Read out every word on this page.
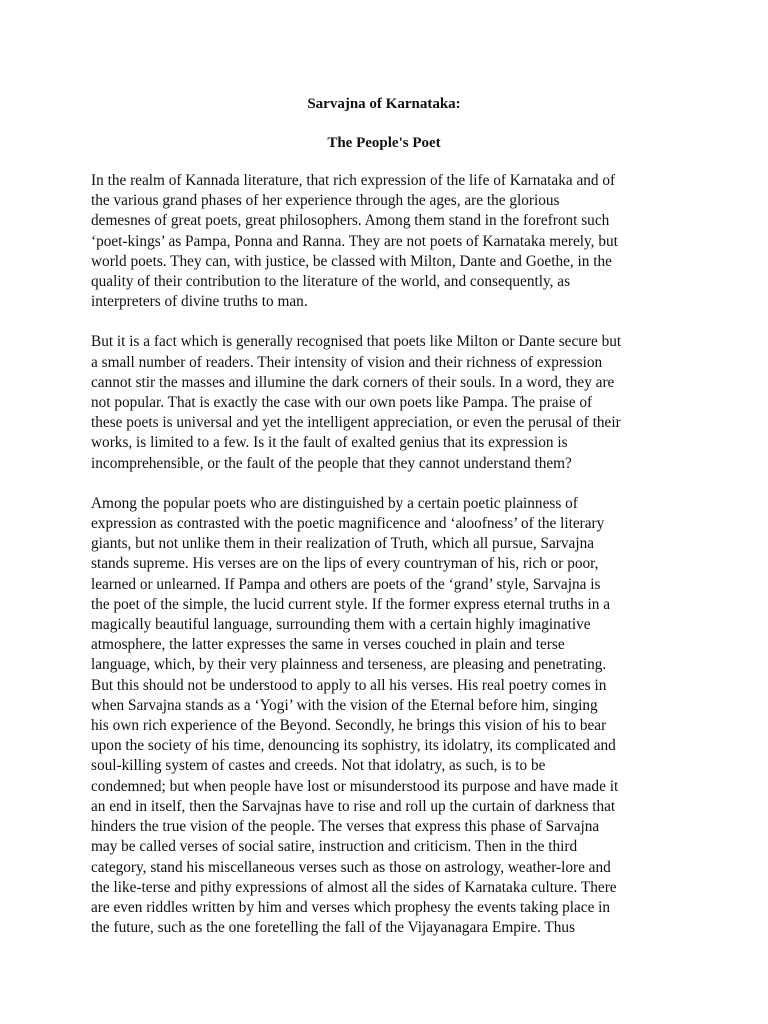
Sarvajna of Karnataka:
The People's Poet

In the realm of Kannada literature, that rich expression of the life of Karnataka and of
the various grand phases of her experience through the ages, are the glorious
demesnes of great poets, great philosophers. Among them stand in the forefront such
‘poet-kings’ as Pampa, Ponna and Ranna. They are not poets of Karnataka merely, but
world poets. They can, with justice, be classed with Milton, Dante and Goethe, in the
quality of their contribution to the literature of the world, and consequently, as
interpreters of divine truths to man.

But it is a fact which is generally recognised that poets like Milton or Dante secure but
a small number of readers. Their intensity of vision and their richness of expression
cannot stir the masses and illumine the dark corners of their souls. In a word, they are
not popular. That is exactly the case with our own poets like Pampa. The praise of
these poets is universal and yet the intelligent appreciation, or even the perusal of their
works, is limited to a few. Is it the fault of exalted genius that its expression is
incomprehensible, or the fault of the people that they cannot understand them?

Among the popular poets who are distinguished by a certain poetic plainness of
expression as contrasted with the poetic magnificence and ‘aloofness’ of the literary
giants, but not unlike them in their realization of Truth, which all pursue, Sarvajna
stands supreme. His verses are on the lips of every countryman of his, rich or poor,
learned or unlearned. If Pampa and others are poets of the ‘grand’ style, Sarvajna is
the poet of the simple, the lucid current style. If the former express eternal truths in a
magically beautiful language, surrounding them with a certain highly imaginative
atmosphere, the latter expresses the same in verses couched in plain and terse
language, which, by their very plainness and terseness, are pleasing and penetrating.
But this should not be understood to apply to all his verses. His real poetry comes in
when Sarvajna stands as a ‘Yogi’ with the vision of the Eternal before him, singing
his own rich experience of the Beyond. Secondly, he brings this vision of his to bear
upon the society of his time, denouncing its sophistry, its idolatry, its complicated and
soul-killing system of castes and creeds. Not that idolatry, as such, is to be
condemned; but when people have lost or misunderstood its purpose and have made it
an end in itself, then the Sarvajnas have to rise and roll up the curtain of darkness that
hinders the true vision of the people. The verses that express this phase of Sarvajna
may be called verses of social satire, instruction and criticism. Then in the third
category, stand his miscellaneous verses such as those on astrology, weather-lore and
the like-terse and pithy expressions of almost all the sides of Karnataka culture. There
are even riddles written by him and verses which prophesy the events taking place in
the future, such as the one foretelling the fall of the Vijayanagara Empire. Thus
